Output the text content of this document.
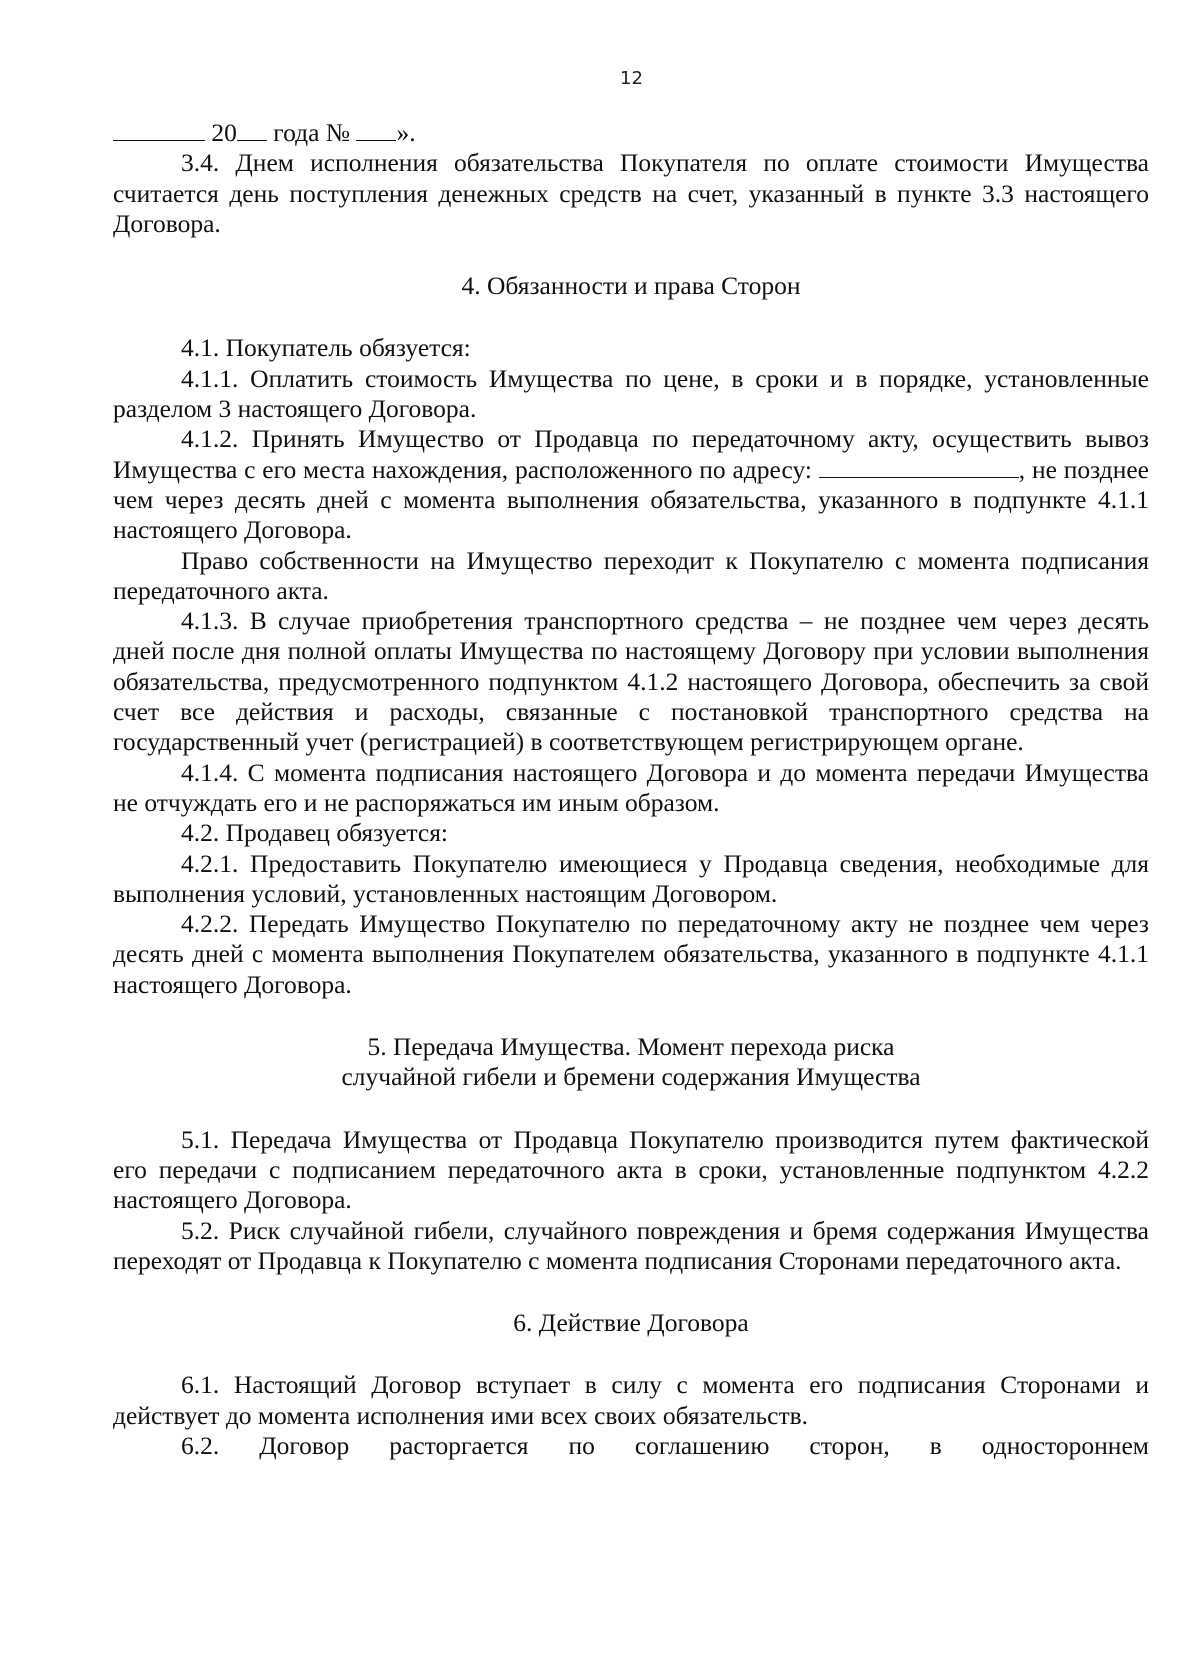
12

20 года № ».

3.4. Днем исполнения обязательства Покупателя по оплате стоимости Имущества считается день поступления денежных средств на счет, указанный в пункте 3.3 настоящего Договора.

4. Обязанности и права Сторон

4.1. Покупатель обязуется:

4.1.1. Оплатить стоимость Имущества по цене, в сроки и в порядке, установленные разделом 3 настоящего Договора.

4.1.2. Принять Имущество от Продавца по передаточному акту, осуществить вывоз Имущества с его места нахождения, расположенного по адресу:	, не позднее чем через десять дней с момента выполнения обязательства, указанного в подпункте 4.1.1 настоящего Договора.

Право собственности на Имущество переходит к Покупателю с момента подписания передаточного акта.

4.1.3. В случае приобретения транспортного средства – не позднее чем через десять дней после дня полной оплаты Имущества по настоящему Договору при условии выполнения обязательства, предусмотренного подпунктом 4.1.2 настоящего Договора, обеспечить за свой счет все действия и расходы, связанные с постановкой транспортного средства на государственный учет (регистрацией) в соответствующем регистрирующем органе.

4.1.4. С момента подписания настоящего Договора и до момента передачи Имущества не отчуждать его и не распоряжаться им иным образом.

4.2. Продавец обязуется:

4.2.1. Предоставить Покупателю имеющиеся у Продавца сведения, необходимые для выполнения условий, установленных настоящим Договором.

4.2.2. Передать Имущество Покупателю по передаточному акту не позднее чем через десять дней с момента выполнения Покупателем обязательства, указанного в подпункте 4.1.1 настоящего Договора.

5. Передача Имущества. Момент перехода риска

случайной гибели и бремени содержания Имущества

5.1. Передача Имущества от Продавца Покупателю производится путем фактической его передачи с подписанием передаточного акта в сроки, установленные подпунктом 4.2.2 настоящего Договора.

5.2. Риск случайной гибели, случайного повреждения и бремя содержания Имущества переходят от Продавца к Покупателю с момента подписания Сторонами передаточного акта.

6. Действие Договора

6.1. Настоящий Договор вступает в силу с момента его подписания Сторонами и действует до момента исполнения ими всех своих обязательств.

6.2. Договор расторгается по соглашению сторон, в одностороннем
